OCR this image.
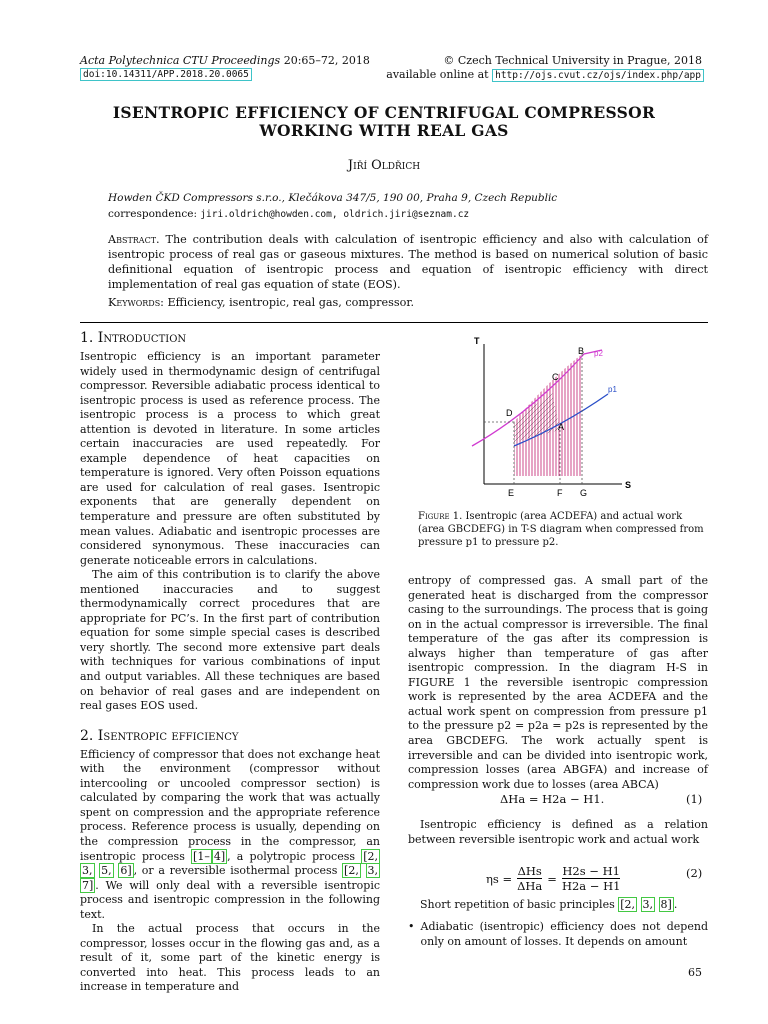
Acta Polytechnica CTU Proceedings 20:65–72, 2018
doi:10.14311/APP.2018.20.0065
© Czech Technical University in Prague, 2018
available online at http://ojs.cvut.cz/ojs/index.php/app
ISENTROPIC EFFICIENCY OF CENTRIFUGAL COMPRESSOR
WORKING WITH REAL GAS
Jiří Oldřich
Howden ČKD Compressors s.r.o., Klečákova 347/5, 190 00, Praha 9, Czech Republic
correspondence: jiri.oldrich@howden.com, oldrich.jiri@seznam.cz
Abstract. The contribution deals with calculation of isentropic efficiency and also with calculation of isentropic process of real gas or gaseous mixtures. The method is based on numerical solution of basic definitional equation of isentropic process and equation of isentropic efficiency with direct implementation of real gas equation of state (EOS).
Keywords: Efficiency, isentropic, real gas, compressor.
1. Introduction

Isentropic efficiency is an important parameter widely used in thermodynamic design of centrifugal compressor. Reversible adiabatic process identical to isentropic process is used as reference process. The isentropic process is a process to which great attention is devoted in literature. In some articles certain inaccuracies are used repeatedly. For example dependence of heat capacities on temperature is ignored. Very often Poisson equations are used for calculation of real gases. Isentropic exponents that are generally dependent on temperature and pressure are often substituted by mean values. Adiabatic and isentropic processes are considered synonymous. These inaccuracies can generate noticeable errors in calculations.

The aim of this contribution is to clarify the above mentioned inaccuracies and to suggest thermodynamically correct procedures that are appropriate for PC’s. In the first part of contribution equation for some simple special cases is described very shortly. The second more extensive part deals with techniques for various combinations of input and output variables. All these techniques are based on behavior of real gases and are independent on real gases EOS used.

2. Isentropic efficiency

Efficiency of compressor that does not exchange heat with the environment (compressor without intercooling or uncooled compressor section) is calculated by comparing the work that was actually spent on compression and the appropriate reference process. Reference process is usually, depending on the compression process in the compressor, an isentropic process [1– 4] , a polytropic process [2, 3, 5, 6] , or a reversible isothermal process [2, 3, 7] . We will only deal with a reversible isentropic process and isentropic compression in the following text.

In the actual process that occurs in the compressor, losses occur in the flowing gas and, as a result of it, some part of the kinetic energy is converted into heat. This process leads to an increase in temperature and

T
S
B p2
C
p1
D
A
E	F G
Figure 1. Isentropic (area ACDEFA) and actual work (area GBCDEFG) in T-S diagram when compressed from pressure p1 to pressure p2.

entropy of compressed gas. A small part of the generated heat is discharged from the compressor casing to the surroundings. The process that is going on in the actual compressor is irreversible. The final temperature of the gas after its compression is always higher than temperature of gas after isentropic compression. In the diagram H-S in FIGURE 1 the reversible isentropic compression work is represented by the area ACDEFA and the actual work spent on compression from pressure p1 to the pressure p2 = p2a = p2s is represented by the area GBCDEFG. The work actually spent is irreversible and can be divided into isentropic work, compression losses (area ABGFA) and increase of compression work due to losses (area ABCA)

ΔHa = H2a − H1.	(1)

Isentropic efficiency is defined as a relation between reversible isentropic work and actual work

ηs =
ΔHs
ΔHa
= $\frac{H2s - H1}{H2a - H1}$	(2)

Short repetition of basic principles [2, 3, 8] .

• Adiabatic (isentropic) efficiency does not depend only on amount of losses. It depends on amount
65
